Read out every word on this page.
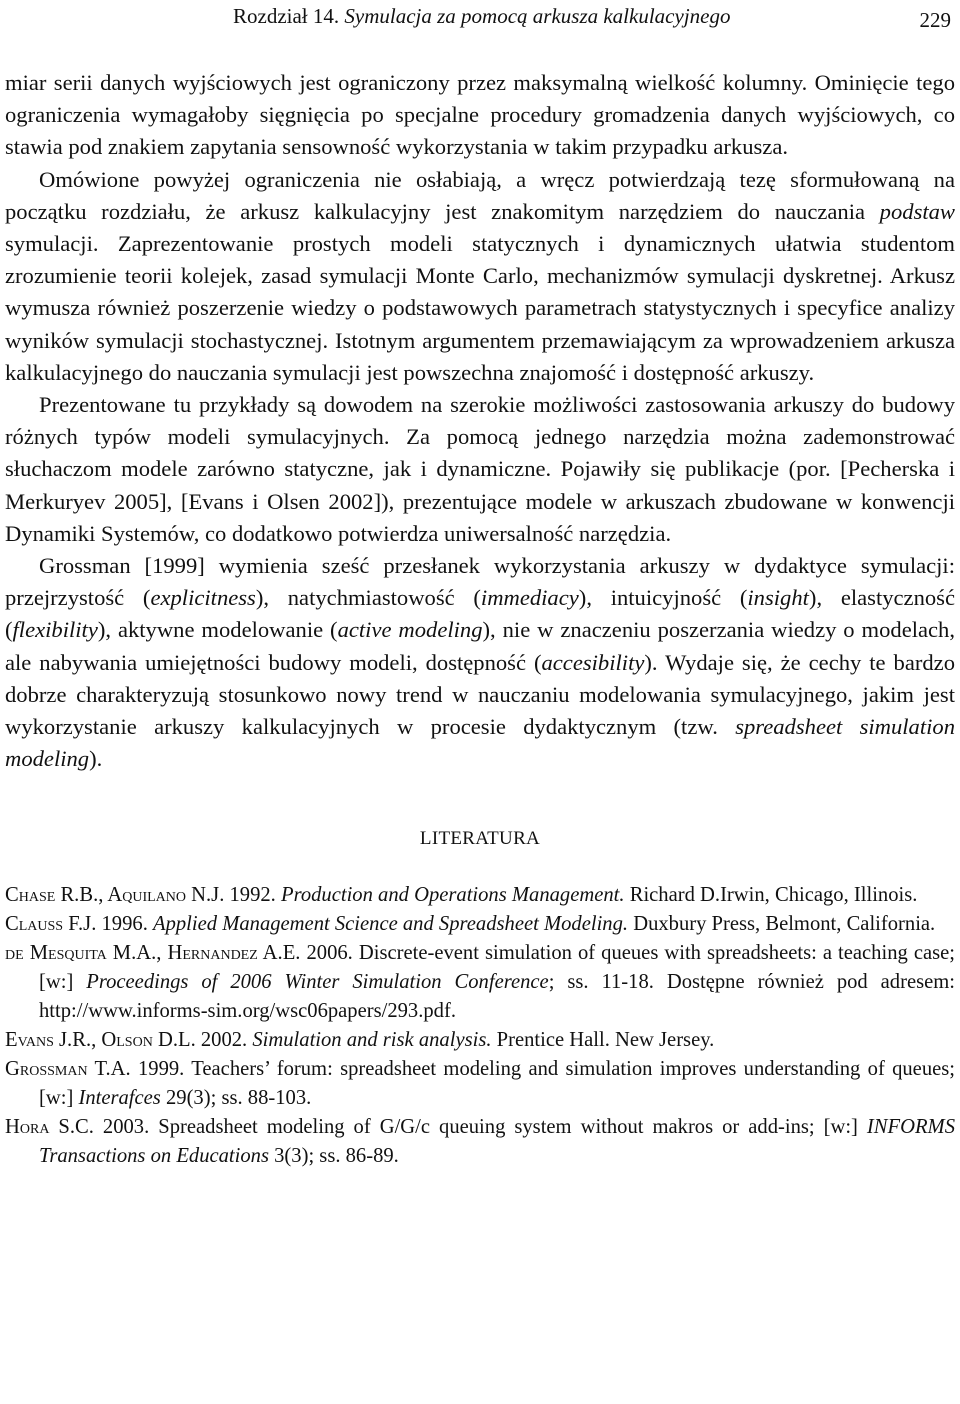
Rozdział 14. Symulacja za pomocą arkusza kalkulacyjnego	229

miar serii danych wyjściowych jest ograniczony przez maksymalną wielkość kolumny. Ominięcie tego ograniczenia wymagałoby sięgnięcia po specjalne procedury gromadzenia danych wyjściowych, co stawia pod znakiem zapytania sensowność wykorzystania w takim przypadku arkusza.

Omówione powyżej ograniczenia nie osłabiają, a wręcz potwierdzają tezę sformułowaną na początku rozdziału, że arkusz kalkulacyjny jest znakomitym narzędziem do nauczania podstaw symulacji. Zaprezentowanie prostych modeli statycznych i dynamicznych ułatwia studentom zrozumienie teorii kolejek, zasad symulacji Monte Carlo, mechanizmów symulacji dyskretnej. Arkusz wymusza również poszerzenie wiedzy o podstawowych parametrach statystycznych i specyfice analizy wyników symulacji stochastycznej. Istotnym argumentem przemawiającym za wprowadzeniem arkusza kalkulacyjnego do nauczania symulacji jest powszechna znajomość i dostępność arkuszy.

Prezentowane tu przykłady są dowodem na szerokie możliwości zastosowania arkuszy do budowy różnych typów modeli symulacyjnych. Za pomocą jednego narzędzia można zademonstrować słuchaczom modele zarówno statyczne, jak i dynamiczne. Pojawiły się publikacje (por. [Pecherska i Merkuryev 2005], [Evans i Olsen 2002]), prezentujące modele w arkuszach zbudowane w konwencji Dynamiki Systemów, co dodatkowo potwierdza uniwersalność narzędzia.

Grossman [1999] wymienia sześć przesłanek wykorzystania arkuszy w dydaktyce symulacji: przejrzystość (explicitness), natychmiastowość (immediacy), intuicyjność (insight), elastyczność (flexibility), aktywne modelowanie (active modeling), nie w znaczeniu poszerzania wiedzy o modelach, ale nabywania umiejętności budowy modeli, dostępność (accesibility). Wydaje się, że cechy te bardzo dobrze charakteryzują stosunkowo nowy trend w nauczaniu modelowania symulacyjnego, jakim jest wykorzystanie arkuszy kalkulacyjnych w procesie dydaktycznym (tzw. spreadsheet simulation modeling).

LITERATURA
Chase R.B., Aquilano N.J. 1992. Production and Operations Management. Richard D.Irwin, Chicago, Illinois.
Clauss F.J. 1996. Applied Management Science and Spreadsheet Modeling. Duxbury Press, Belmont, California.
de Mesquita M.A., Hernandez A.E. 2006. Discrete-event simulation of queues with spreadsheets: a teaching case; [w:] Proceedings of 2006 Winter Simulation Conference; ss. 11-18. Dostępne również pod adresem: http://www.informs-sim.org/wsc06papers/293.pdf.
Evans J.R., Olson D.L. 2002. Simulation and risk analysis. Prentice Hall. New Jersey.
Grossman T.A. 1999. Teachers’ forum: spreadsheet modeling and simulation improves understanding of queues; [w:] Interafces 29(3); ss. 88-103.
Hora S.C. 2003. Spreadsheet modeling of G/G/c queuing system without makros or add-ins; [w:] INFORMS Transactions on Educations 3(3); ss. 86-89.
